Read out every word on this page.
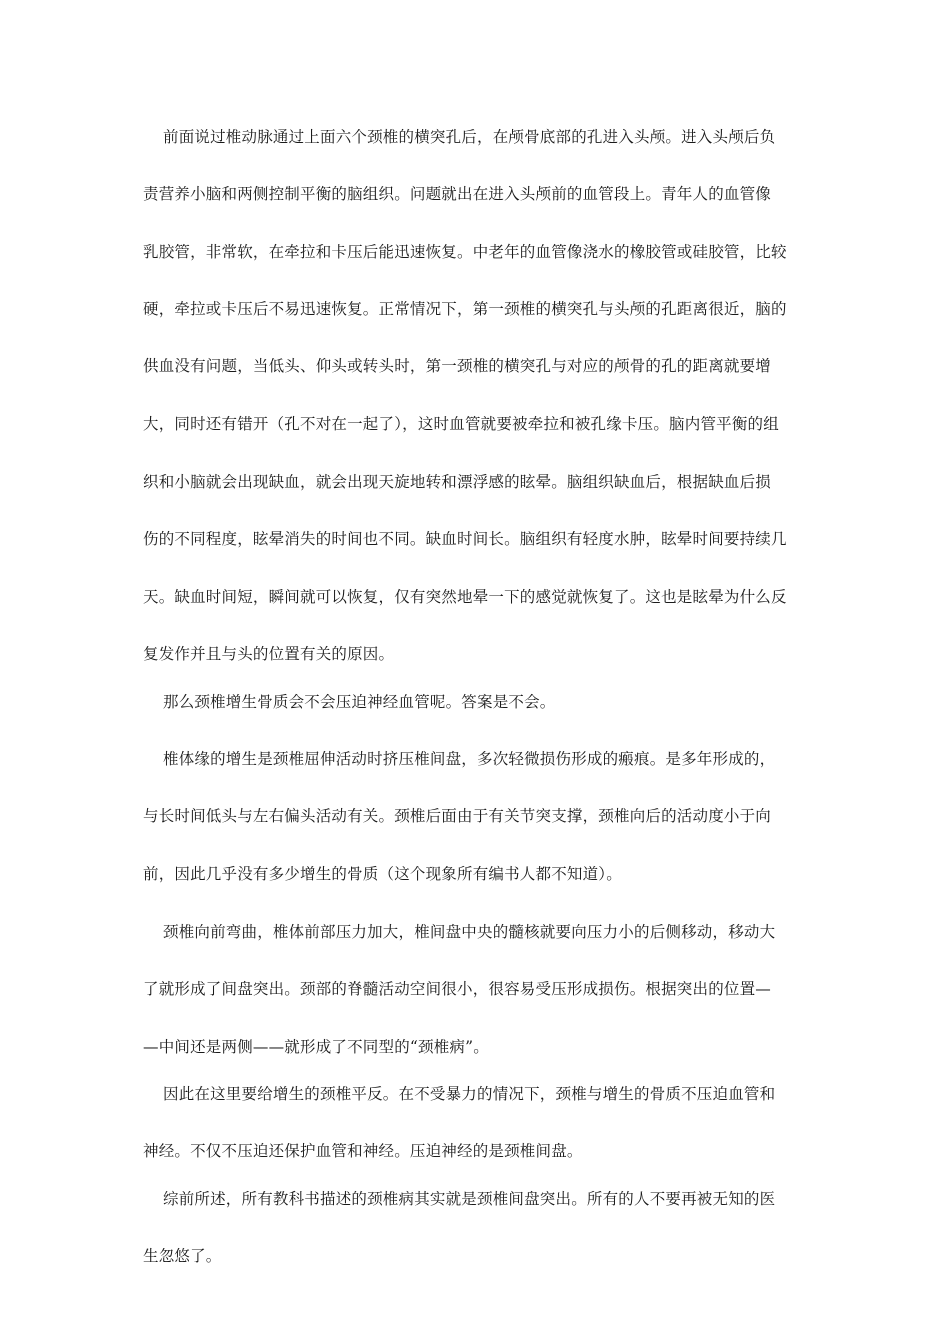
前面说过椎动脉通过上面六个颈椎的横突孔后，在颅骨底部的孔进入头颅。进入头颅后负
责营养小脑和两侧控制平衡的脑组织。问题就出在进入头颅前的血管段上。青年人的血管像
乳胶管，非常软，在牵拉和卡压后能迅速恢复。中老年的血管像浇水的橡胶管或硅胶管，比较
硬，牵拉或卡压后不易迅速恢复。正常情况下，第一颈椎的横突孔与头颅的孔距离很近，脑的
供血没有问题，当低头、仰头或转头时，第一颈椎的横突孔与对应的颅骨的孔的距离就要增
大，同时还有错开（孔不对在一起了），这时血管就要被牵拉和被孔缘卡压。脑内管平衡的组
织和小脑就会出现缺血，就会出现天旋地转和漂浮感的眩晕。脑组织缺血后，根据缺血后损
伤的不同程度，眩晕消失的时间也不同。缺血时间长。脑组织有轻度水肿，眩晕时间要持续几
天。缺血时间短，瞬间就可以恢复，仅有突然地晕一下的感觉就恢复了。这也是眩晕为什么反
复发作并且与头的位置有关的原因。
那么颈椎增生骨质会不会压迫神经血管呢。答案是不会。
椎体缘的增生是颈椎屈伸活动时挤压椎间盘，多次轻微损伤形成的瘢痕。是多年形成的，
与长时间低头与左右偏头活动有关。颈椎后面由于有关节突支撑，颈椎向后的活动度小于向
前，因此几乎没有多少增生的骨质（这个现象所有编书人都不知道）。
颈椎向前弯曲，椎体前部压力加大，椎间盘中央的髓核就要向压力小的后侧移动，移动大
了就形成了间盘突出。颈部的脊髓活动空间很小，很容易受压形成损伤。根据突出的位置—
—中间还是两侧——就形成了不同型的“颈椎病”。
因此在这里要给增生的颈椎平反。在不受暴力的情况下，颈椎与增生的骨质不压迫血管和
神经。不仅不压迫还保护血管和神经。压迫神经的是颈椎间盘。
综前所述，所有教科书描述的颈椎病其实就是颈椎间盘突出。所有的人不要再被无知的医
生忽悠了。
